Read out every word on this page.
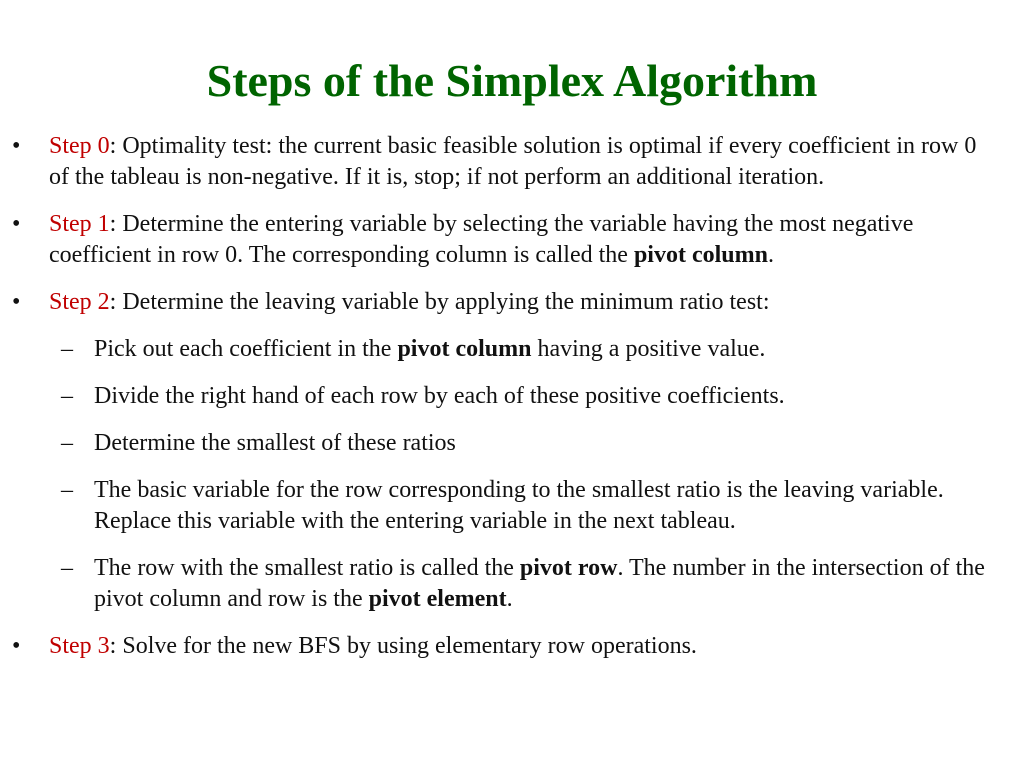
Steps of the Simplex Algorithm
• Step 0: Optimality test: the current basic feasible solution is optimal if every coefficient in row 0 of the tableau is non-negative. If it is, stop; if not perform an additional iteration.
• Step 1: Determine the entering variable by selecting the variable having the most negative coefficient in row 0. The corresponding column is called the pivot column.
• Step 2: Determine the leaving variable by applying the minimum ratio test:
– Pick out each coefficient in the pivot column having a positive value.
– Divide the right hand of each row by each of these positive coefficients.
– Determine the smallest of these ratios
– The basic variable for the row corresponding to the smallest ratio is the leaving variable. Replace this variable with the entering variable in the next tableau.
– The row with the smallest ratio is called the pivot row. The number in the intersection of the pivot column and row is the pivot element.
• Step 3: Solve for the new BFS by using elementary row operations.
